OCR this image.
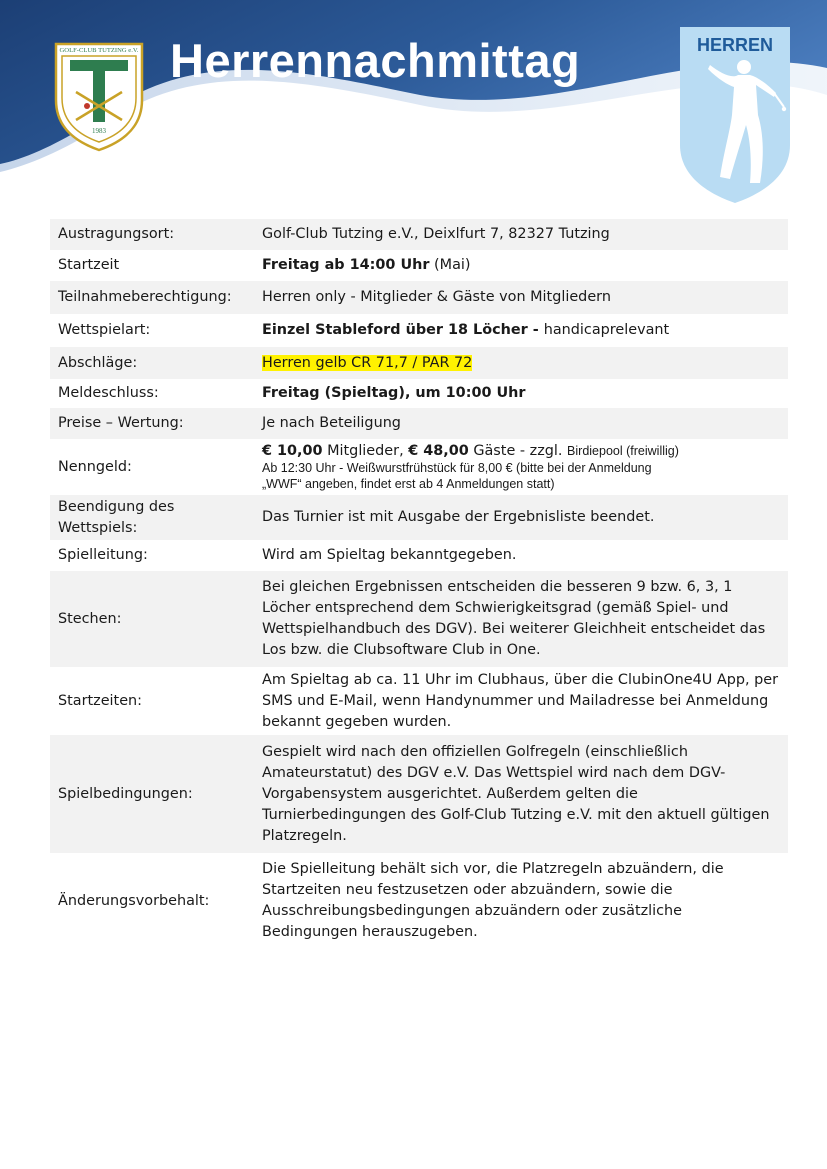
GOLF-CLUB TUTZING e.V.
1983
Herrennachmittag	HERREN
Austragungsort:	Golf-Club Tutzing e.V., Deixlfurt 7, 82327 Tutzing
Startzeit	Freitag ab 14:00 Uhr (Mai)
Teilnahmeberechtigung:	Herren only - Mitglieder & Gäste von Mitgliedern
Wettspielart:	Einzel Stableford über 18 Löcher - handicaprelevant
Abschläge:	Herren gelb CR 71,7 / PAR 72
Meldeschluss:	Freitag (Spieltag), um 10:00 Uhr
Preise – Wertung:	Je nach Beteiligung
Nenngeld:	€ 10,00 Mitglieder, € 48,00 Gäste - zzgl. Birdiepool (freiwillig)
Ab 12:30 Uhr - Weißwurstfrühstück für 8,00 € (bitte bei der Anmeldung
„WWF“ angeben, findet erst ab 4 Anmeldungen statt)

Beendigung des Wettspiels:	Das Turnier ist mit Ausgabe der Ergebnisliste beendet.
Spielleitung:	Wird am Spieltag bekanntgegeben.
Stechen:	Bei gleichen Ergebnissen entscheiden die besseren 9 bzw. 6, 3, 1 Löcher entsprechend dem Schwierigkeitsgrad (gemäß Spiel- und Wettspielhandbuch des DGV). Bei weiterer Gleichheit entscheidet das Los bzw. die Clubsoftware Club in One.
Startzeiten:	Am Spieltag ab ca. 11 Uhr im Clubhaus, über die ClubinOne4U App, per SMS und E-Mail, wenn Handynummer und Mailadresse bei Anmeldung bekannt gegeben wurden.
Spielbedingungen:	Gespielt wird nach den offiziellen Golfregeln (einschließlich Amateurstatut) des DGV e.V. Das Wettspiel wird nach dem DGV-Vorgabensystem ausgerichtet. Außerdem gelten die Turnierbedingungen des Golf-Club Tutzing e.V. mit den aktuell gültigen Platzregeln.
Änderungsvorbehalt:	Die Spielleitung behält sich vor, die Platzregeln abzuändern, die Startzeiten neu festzusetzen oder abzuändern, sowie die Ausschreibungsbedingungen abzuändern oder zusätzliche Bedingungen herauszugeben.
